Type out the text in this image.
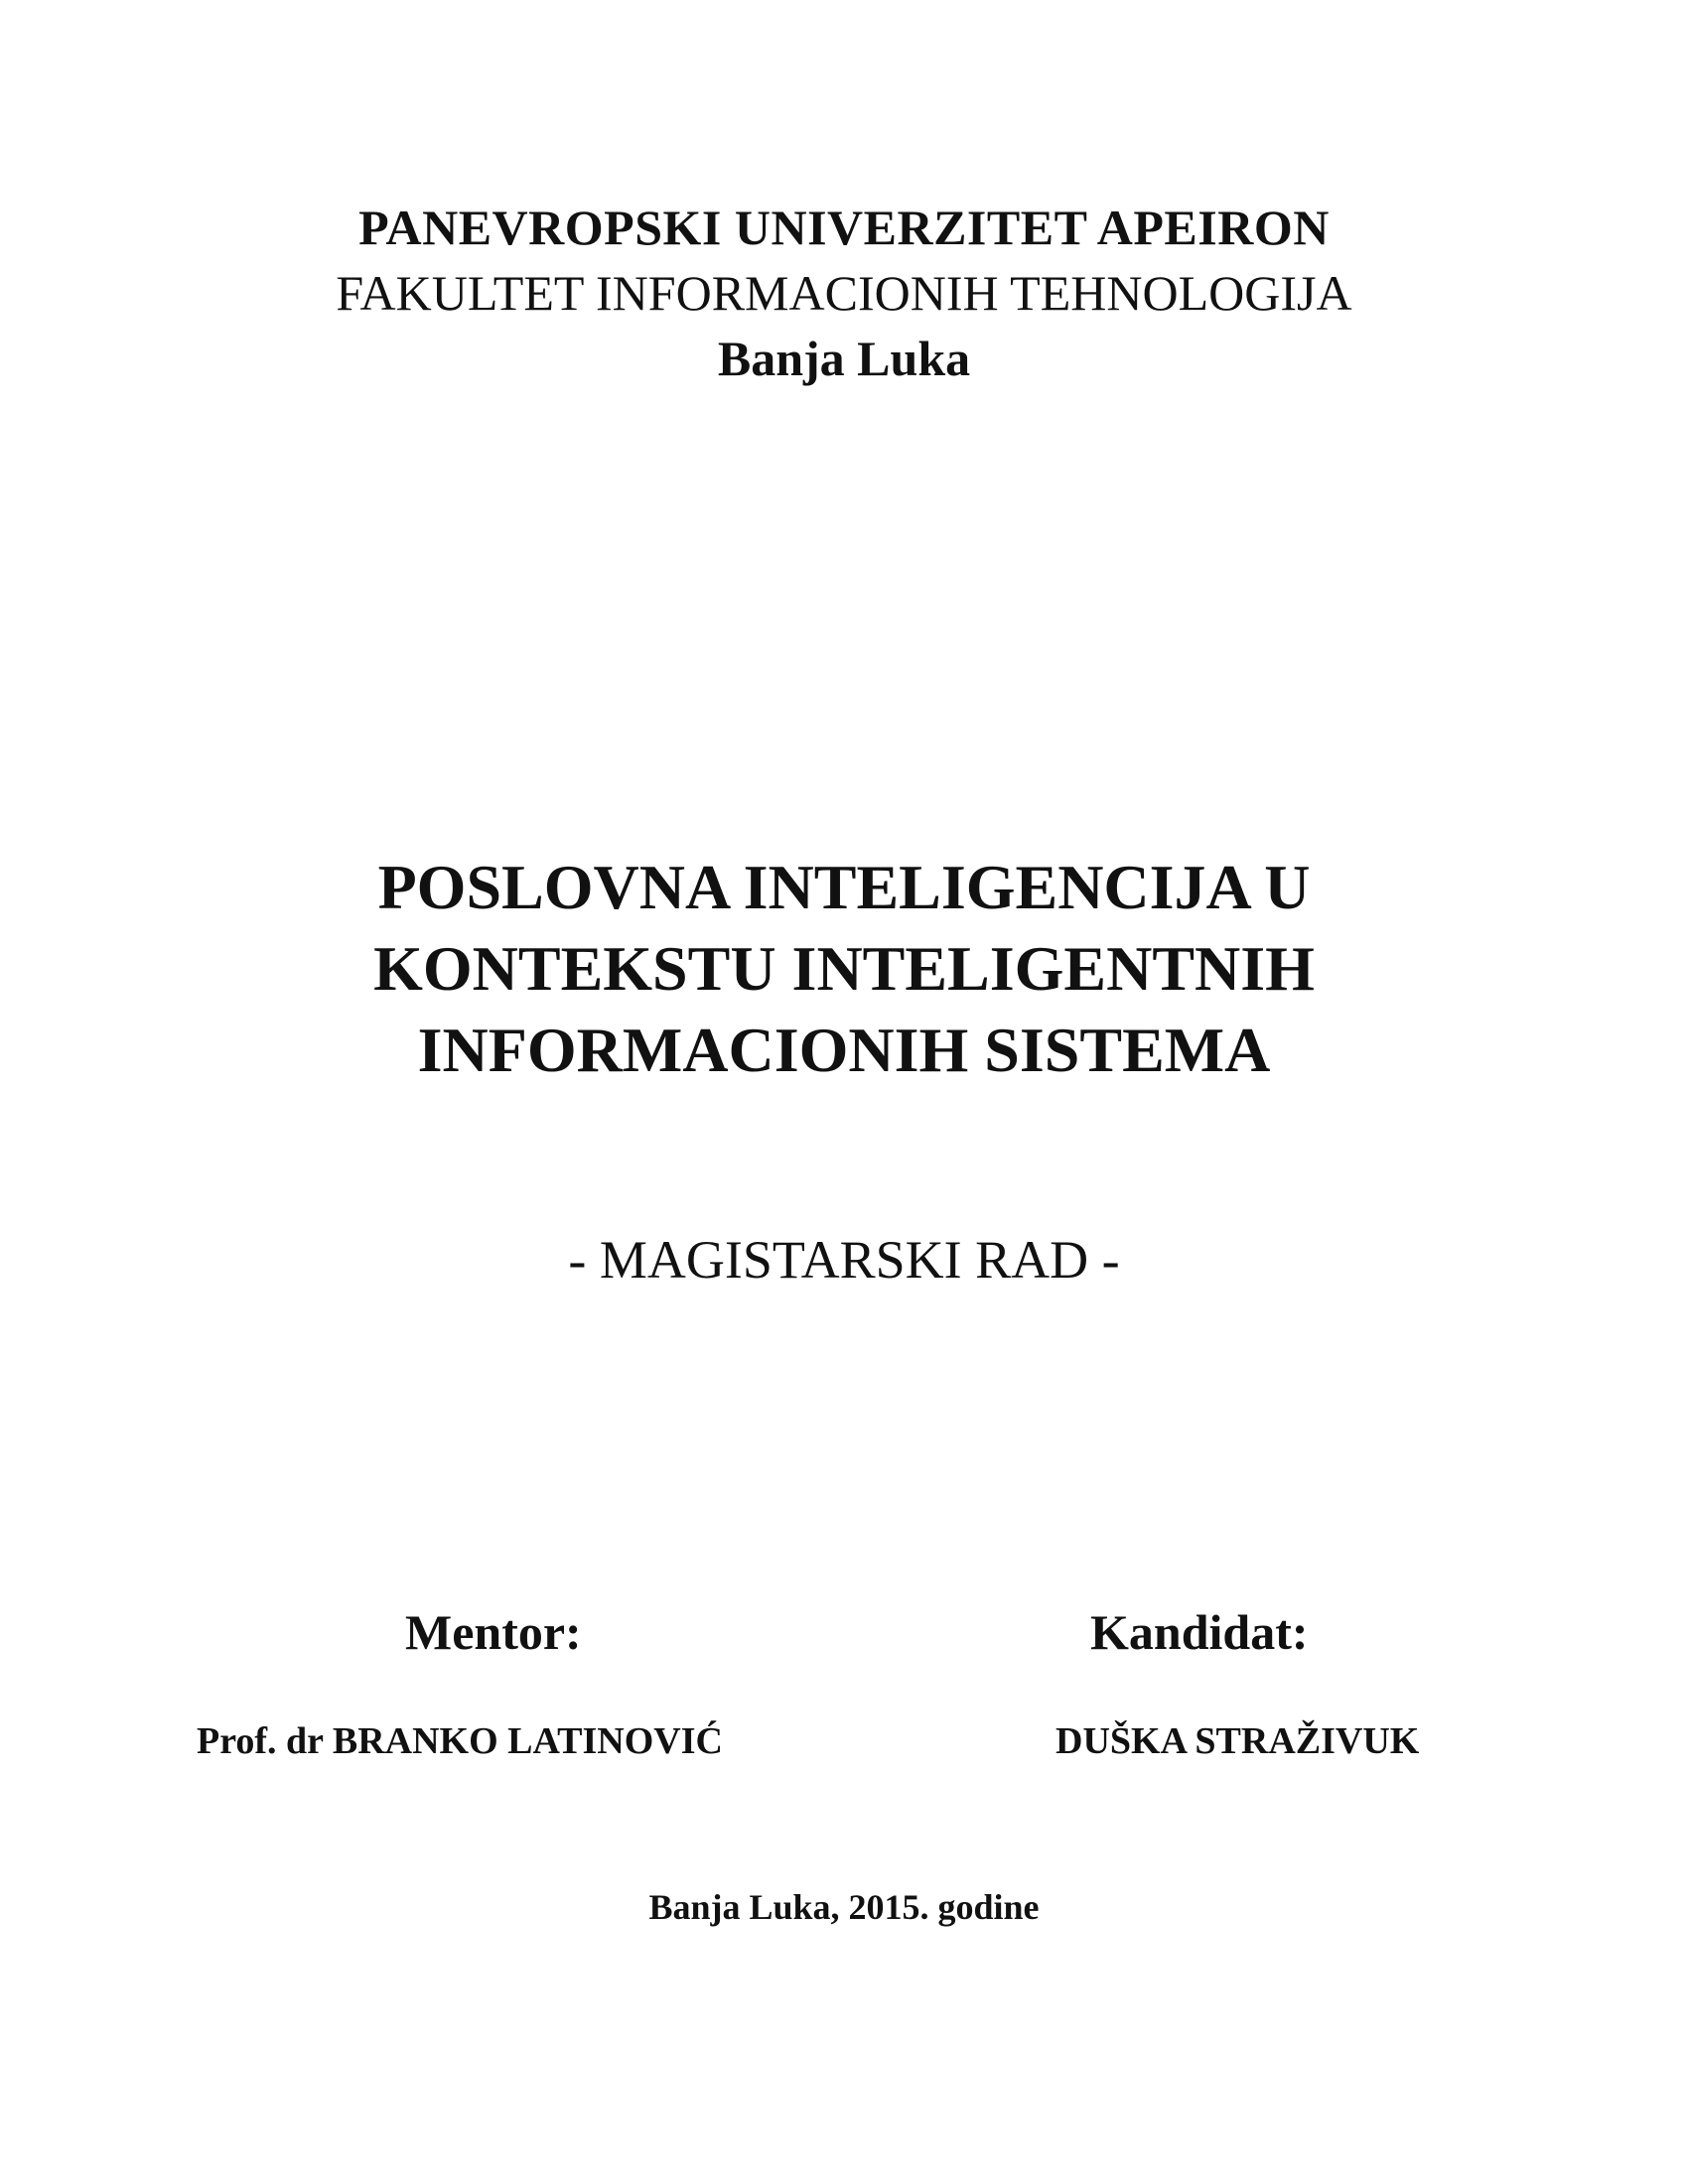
PANEVROPSKI UNIVERZITET APEIRON
FAKULTET INFORMACIONIH TEHNOLOGIJA
Banja Luka
POSLOVNA INTELIGENCIJA U
KONTEKSTU INTELIGENTNIH
INFORMACIONIH SISTEMA
- MAGISTARSKI RAD -
Mentor:	Kandidat:
Prof. dr BRANKO LATINOVIĆ	DUŠKA STRAŽIVUK
Banja Luka, 2015. godine
